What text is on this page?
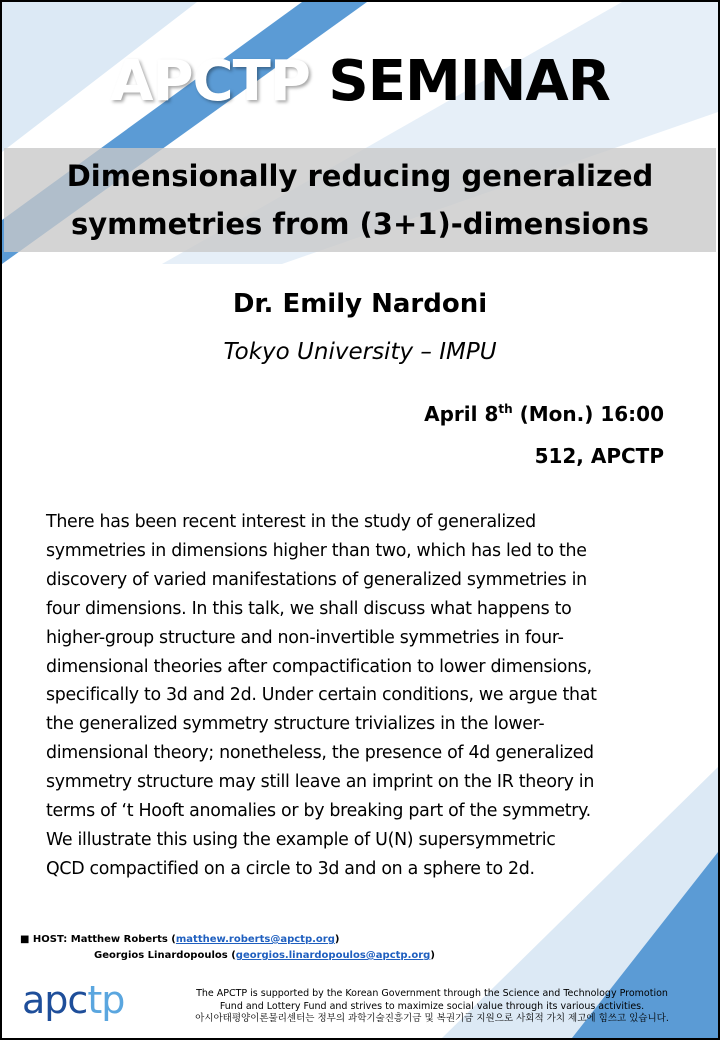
APCTP SEMINAR
Dimensionally reducing generalized
symmetries from (3+1)-dimensions
Dr. Emily Nardoni
Tokyo University – IMPU
April 8th (Mon.) 16:00
512, APCTP
There has been recent interest in the study of generalized
symmetries in dimensions higher than two, which has led to the
discovery of varied manifestations of generalized symmetries in
four dimensions. In this talk, we shall discuss what happens to
higher-group structure and non-invertible symmetries in four-
dimensional theories after compactification to lower dimensions,
specifically to 3d and 2d. Under certain conditions, we argue that
the generalized symmetry structure trivializes in the lower-
dimensional theory; nonetheless, the presence of 4d generalized
symmetry structure may still leave an imprint on the IR theory in
terms of ‘t Hooft anomalies or by breaking part of the symmetry.
We illustrate this using the example of U(N) supersymmetric
QCD compactified on a circle to 3d and on a sphere to 2d.
■ HOST: Matthew Roberts (matthew.roberts@apctp.org)
Georgios Linardopoulos (georgios.linardopoulos@apctp.org)
apctp	The APCTP is supported by the Korean Government through the Science and Technology Promotion
Fund and Lottery Fund and strives to maximize social value through its various activities.
아시아태평양이론물리센터는 정부의 과학기술진흥기금 및 복권기금 지원으로 사회적 가치 제고에 힘쓰고 있습니다.
